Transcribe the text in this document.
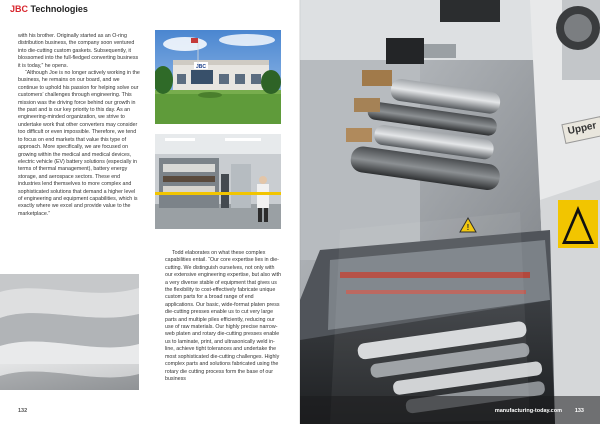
JBC Technologies

with his brother. Originally started as an O-ring distribution business, the company soon ventured into die-cutting custom gaskets. Subsequently, it blossomed into the full-fledged converting business it is today,” he opens.

“Although Joe is no longer actively working in the business, he remains on our board, and we continue to uphold his passion for helping solve our customers’ challenges through engineering. This mission was the driving force behind our growth in the past and is our key priority to this day. As an engineering-minded organization, we strive to undertake work that other converters may consider too difficult or even impossible. Therefore, we tend to focus on end markets that value this type of approach. More specifically, we are focused on growing within the medical and medical devices, electric vehicle (EV) battery solutions (especially in terms of thermal management), battery energy storage, and aerospace sectors. These end industries lend themselves to more complex and sophisticated solutions that demand a higher level of engineering and equipment capabilities, which is exactly where we excel and provide value to the marketplace.”

JBC

Todd elaborates on what these complex capabilities entail. “Our core expertise lies in die-cutting. We distinguish ourselves, not only with our extensive engineering expertise, but also with a very diverse stable of equipment that gives us the flexibility to cost-effectively fabricate unique custom parts for a broad range of end applications. Our basic, wide-format platen press die-cutting presses enable us to cut very large parts and multiple piles efficiently, reducing our use of raw materials. Our highly precise narrow-web platen and rotary die-cutting presses enable us to laminate, print, and ultrasonically weld in-line, achieve tight tolerances and undertake the most sophisticated die-cutting challenges. Highly complex parts and solutions fabricated using the rotary die cutting process form the base of our business

132
!
Upper
manufacturing-today.com 133
